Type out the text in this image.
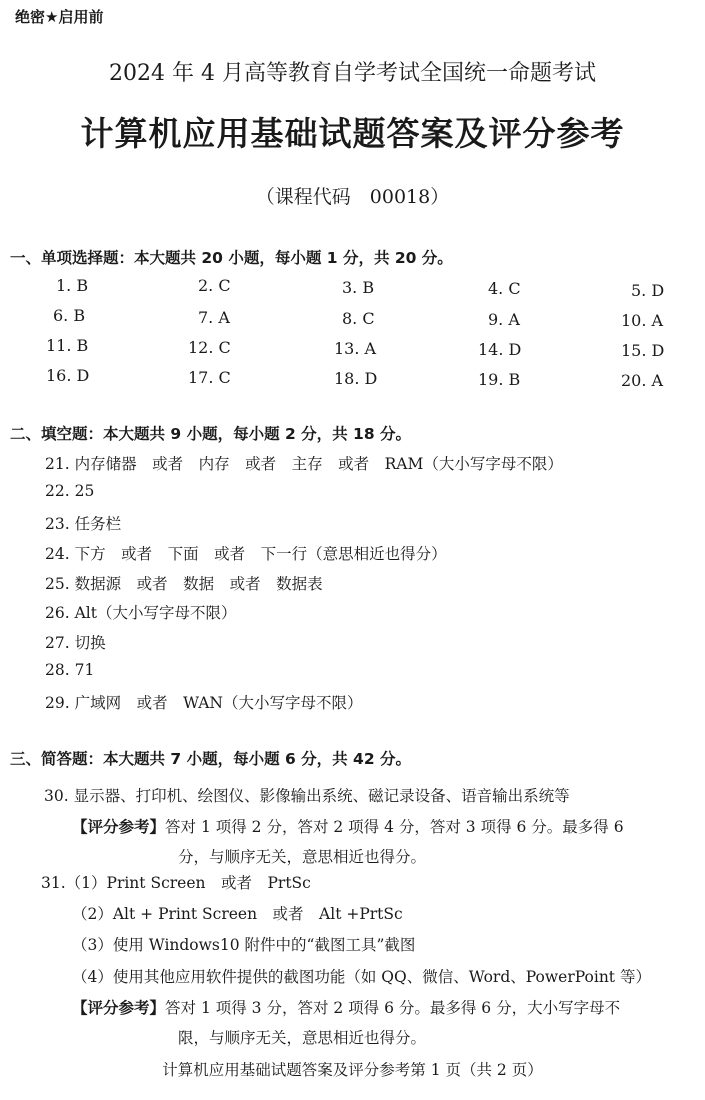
绝密★启用前
2024 年 4 月高等教育自学考试全国统一命题考试
计算机应用基础试题答案及评分参考
（课程代码　00018）
一、单项选择题：本大题共 20 小题，每小题 1 分，共 20 分。
1. B	2. C	3. B	4. C	5. D
6. B	7. A	8. C	9. A	10. A
11. B	12. C	13. A	14. D	15. D
16. D	17. C	18. D	19. B	20. A
二、填空题：本大题共 9 小题，每小题 2 分，共 18 分。
21. 内存储器　或者　内存　或者　主存　或者　RAM（大小写字母不限）
22. 25
23. 任务栏
24. 下方　或者　下面　或者　下一行（意思相近也得分）
25. 数据源　或者　数据　或者　数据表
26. Alt（大小写字母不限）
27. 切换
28. 71
29. 广域网　或者　WAN（大小写字母不限）
三、简答题：本大题共 7 小题，每小题 6 分，共 42 分。
30. 显示器、打印机、绘图仪、影像输出系统、磁记录设备、语音输出系统等
【评分参考】答对 1 项得 2 分，答对 2 项得 4 分，答对 3 项得 6 分。最多得 6
分，与顺序无关，意思相近也得分。
31.（1）Print Screen　或者　PrtSc
（2）Alt + Print Screen　或者　Alt +PrtSc
（3）使用 Windows10 附件中的“截图工具”截图
（4）使用其他应用软件提供的截图功能（如 QQ、微信、Word、PowerPoint 等）
【评分参考】答对 1 项得 3 分，答对 2 项得 6 分。最多得 6 分，大小写字母不
限，与顺序无关，意思相近也得分。
计算机应用基础试题答案及评分参考第 1 页（共 2 页）
